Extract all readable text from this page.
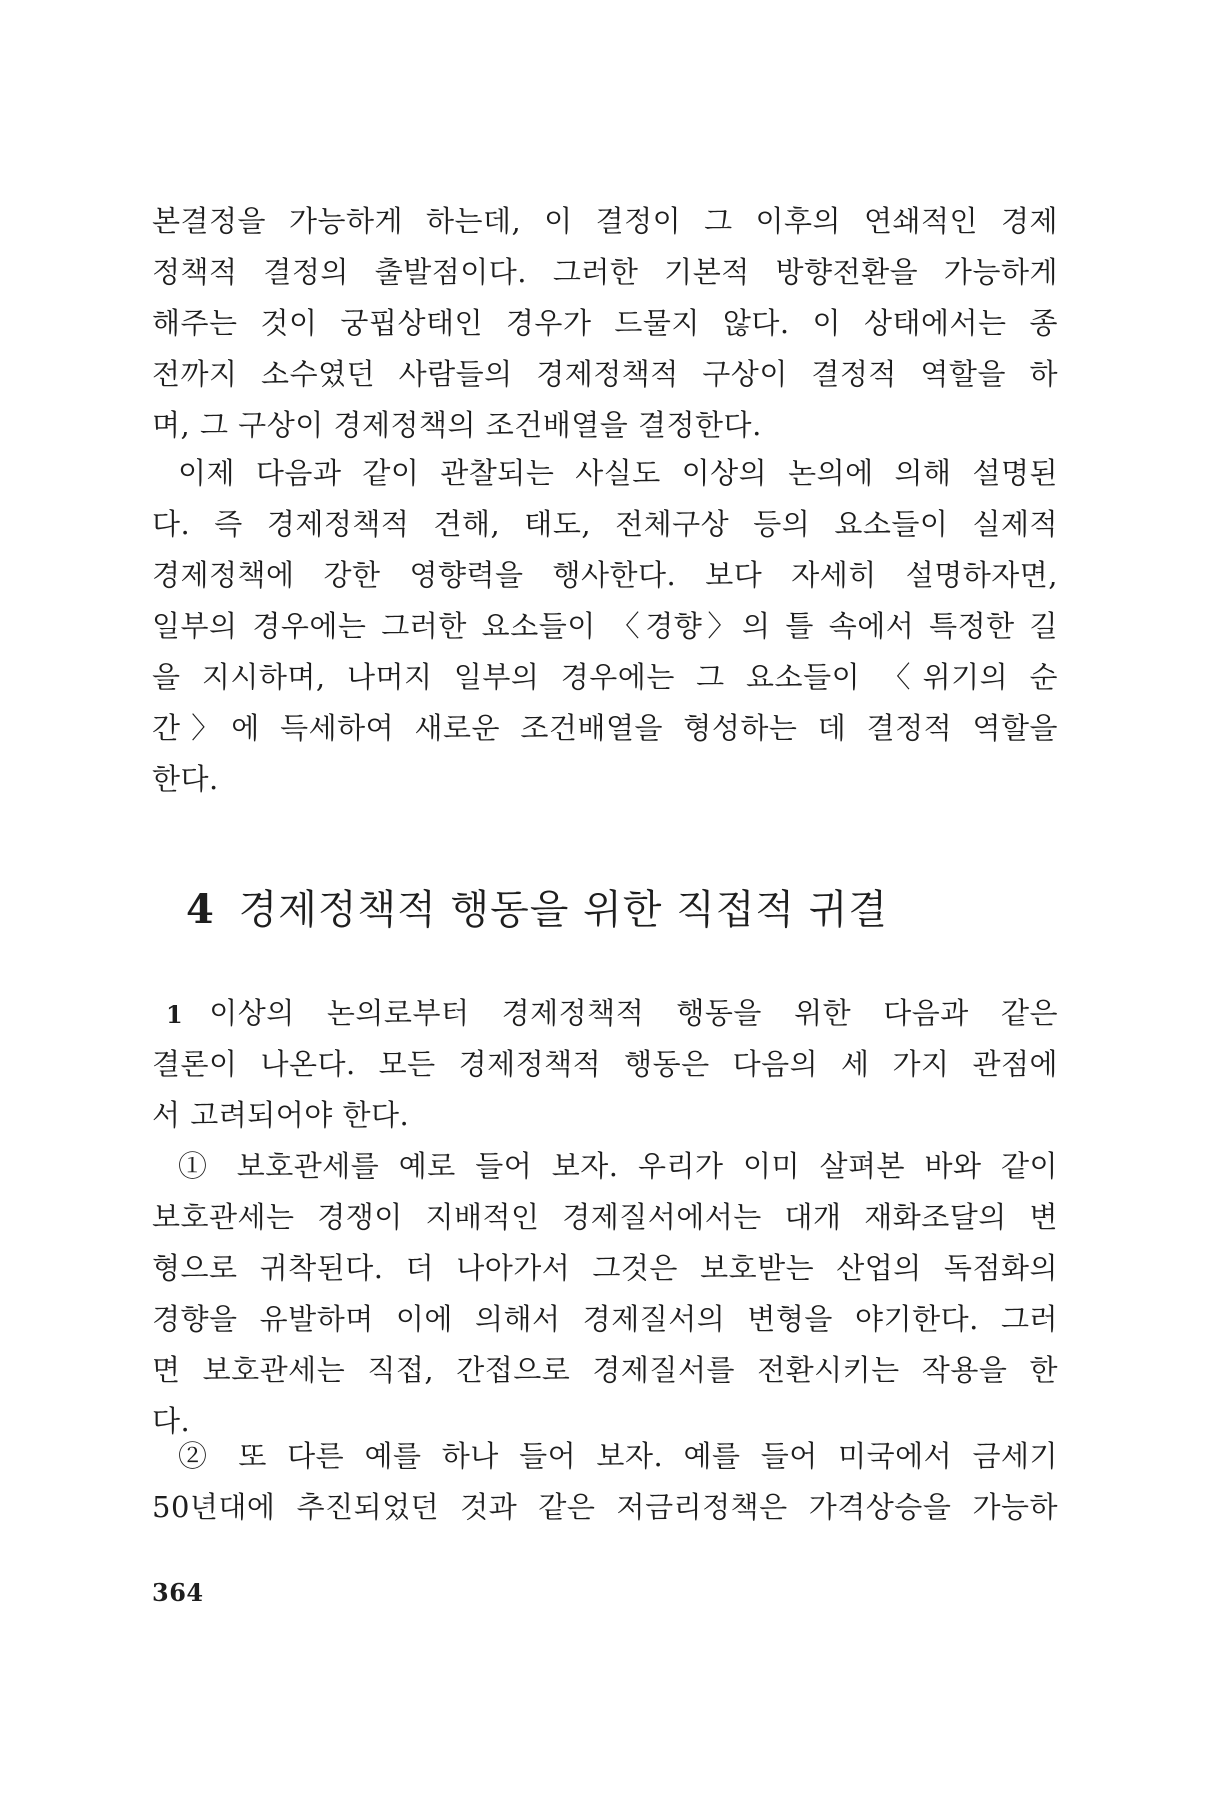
본결정을 가능하게 하는데, 이 결정이 그 이후의 연쇄적인 경제
정책적 결정의 출발점이다. 그러한 기본적 방향전환을 가능하게
해주는 것이 궁핍상태인 경우가 드물지 않다. 이 상태에서는 종
전까지 소수였던 사람들의 경제정책적 구상이 결정적 역할을 하
며, 그 구상이 경제정책의 조건배열을 결정한다.
이제 다음과 같이 관찰되는 사실도 이상의 논의에 의해 설명된
다. 즉 경제정책적 견해, 태도, 전체구상 등의 요소들이 실제적
경제정책에 강한 영향력을 행사한다. 보다 자세히 설명하자면,
일부의 경우에는 그러한 요소들이 〈경향〉의 틀 속에서 특정한 길
을 지시하며, 나머지 일부의 경우에는 그 요소들이 〈위기의 순
간〉에 득세하여 새로운 조건배열을 형성하는 데 결정적 역할을
한다.
4 경제정책적 행동을 위한 직접적 귀결
1 이상의 논의로부터 경제정책적 행동을 위한 다음과 같은
결론이 나온다. 모든 경제정책적 행동은 다음의 세 가지 관점에
서 고려되어야 한다.
① 보호관세를 예로 들어 보자. 우리가 이미 살펴본 바와 같이
보호관세는 경쟁이 지배적인 경제질서에서는 대개 재화조달의 변
형으로 귀착된다. 더 나아가서 그것은 보호받는 산업의 독점화의
경향을 유발하며 이에 의해서 경제질서의 변형을 야기한다. 그러
면 보호관세는 직접, 간접으로 경제질서를 전환시키는 작용을 한
다.
② 또 다른 예를 하나 들어 보자. 예를 들어 미국에서 금세기
50년대에 추진되었던 것과 같은 저금리정책은 가격상승을 가능하
364
